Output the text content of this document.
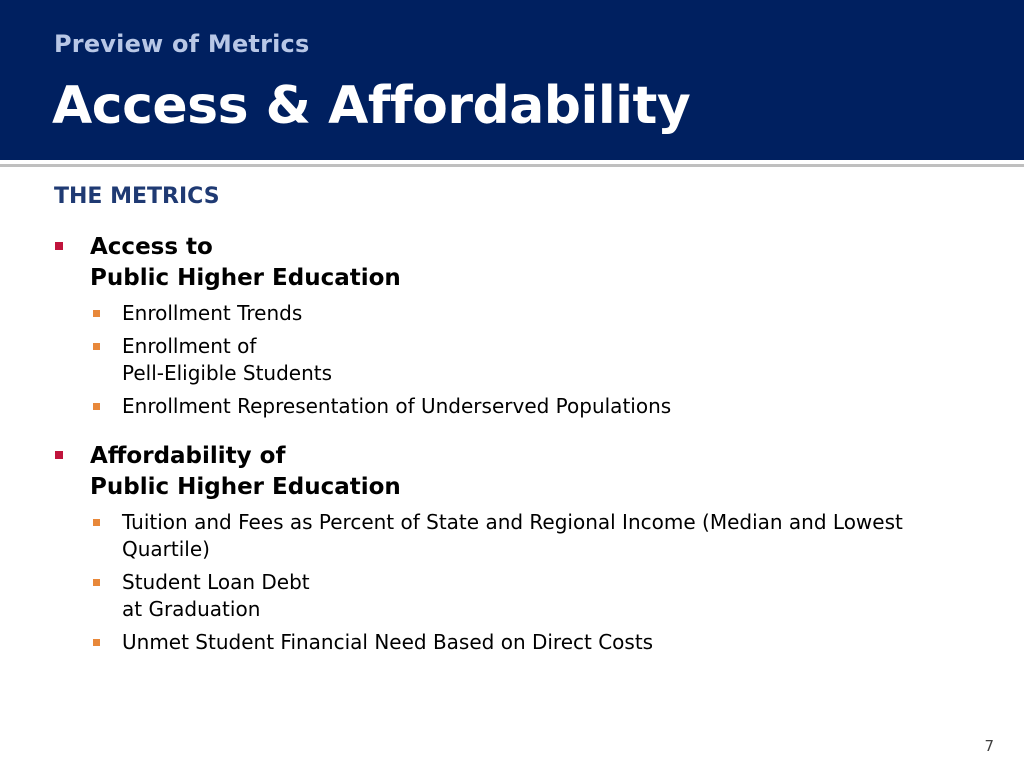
Preview of Metrics
Access & Affordability
THE METRICS
Access to
Public Higher Education
Enrollment Trends
Enrollment of
Pell-Eligible Students
Enrollment Representation of Underserved Populations
Affordability of
Public Higher Education
Tuition and Fees as Percent of State and Regional Income (Median and Lowest Quartile)
Student Loan Debt
at Graduation
Unmet Student Financial Need Based on Direct Costs
7
